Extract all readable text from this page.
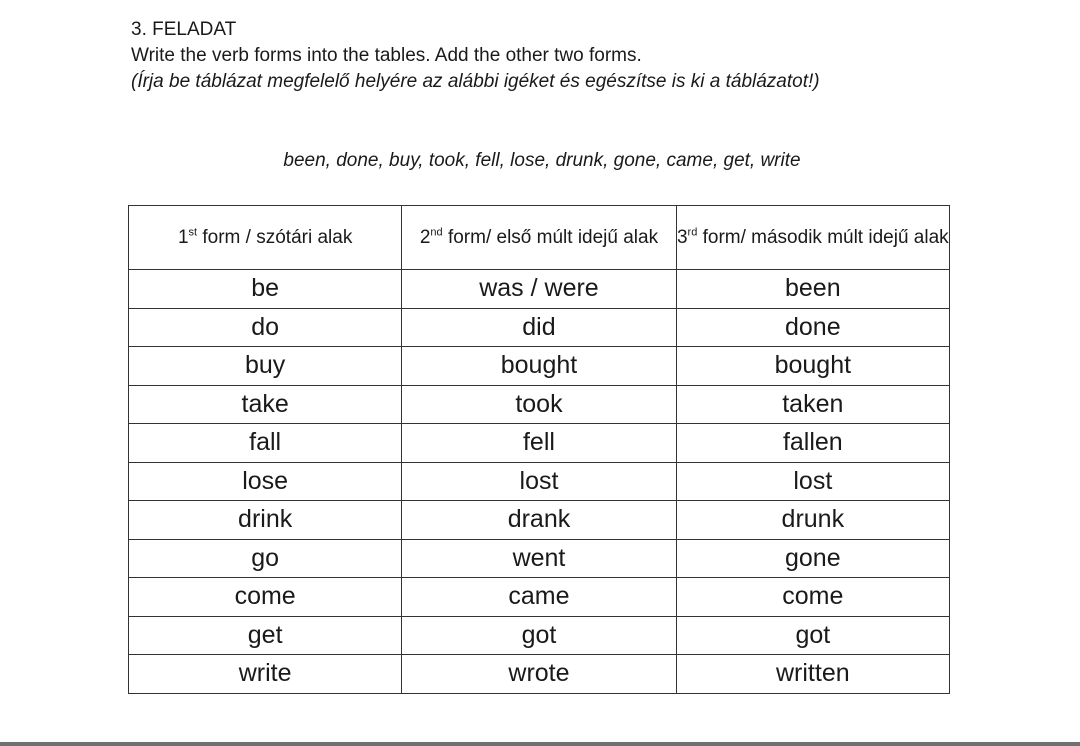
3. FELADAT
Write the verb forms into the tables. Add the other two forms.
(Írja be táblázat megfelelő helyére az alábbi igéket és egészítse is ki a táblázatot!)
been, done, buy, took, fell, lose, drunk, gone, came, get, write
1st form / szótári alak	2nd form/ első múlt idejű alak	3rd form/ második múlt idejű alak
be	was / were	been
do	did	done
buy	bought	bought
take	took	taken
fall	fell	fallen
lose	lost	lost
drink	drank	drunk
go	went	gone
come	came	come
get	got	got
write	wrote	written
